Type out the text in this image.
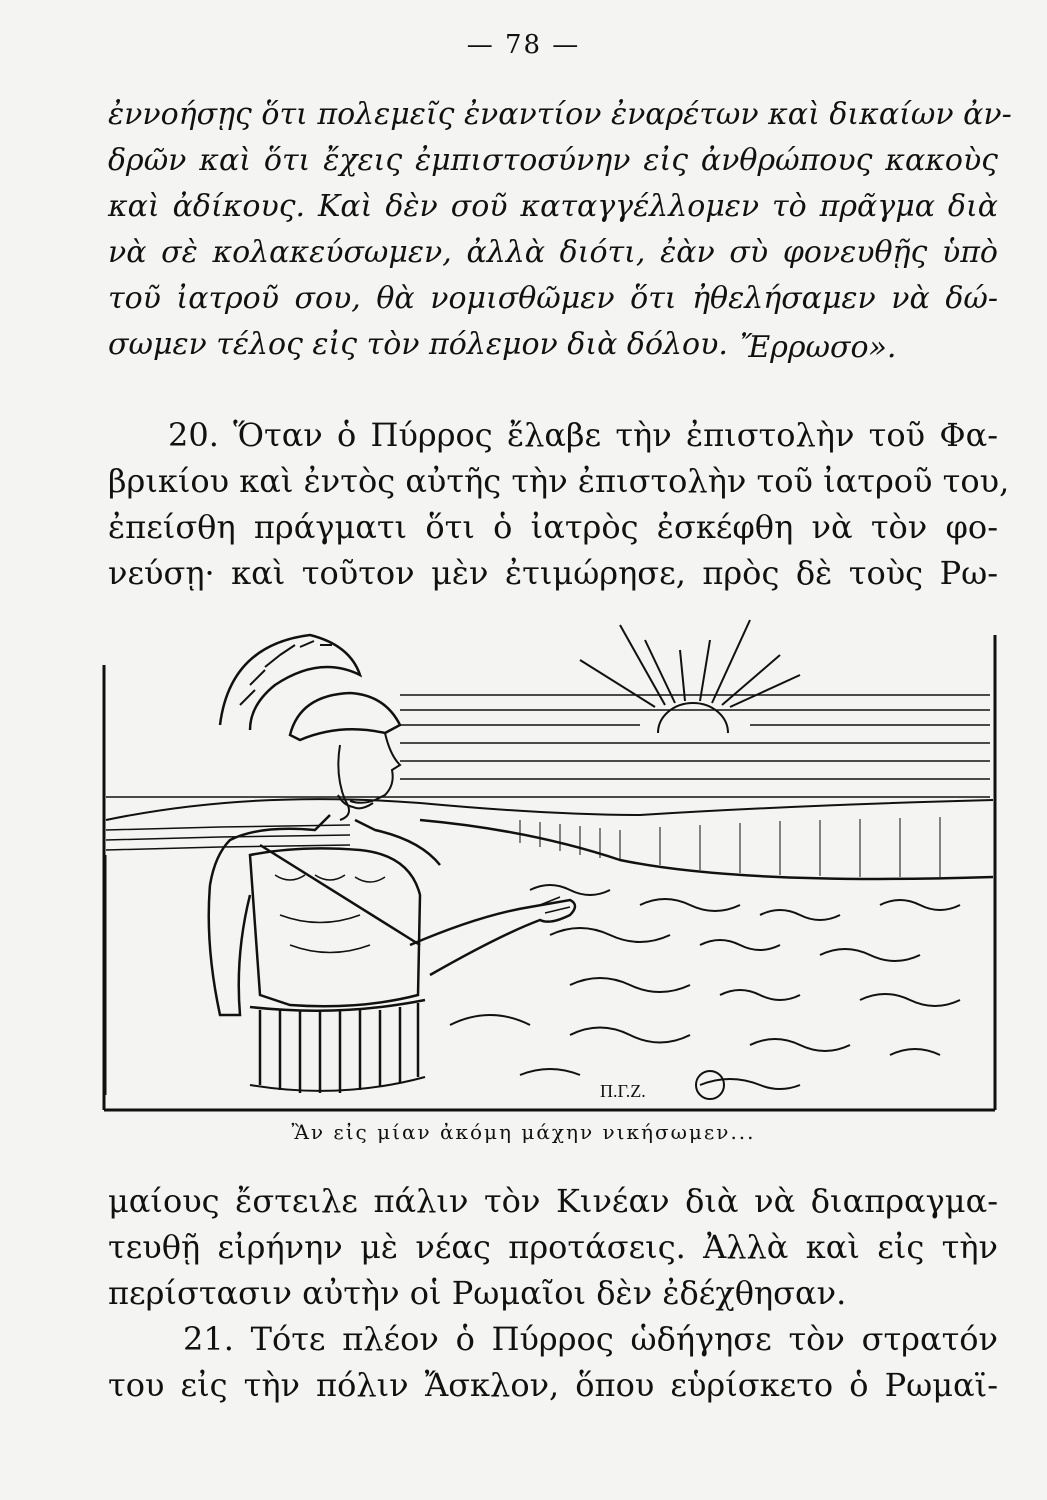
— 78 —
ἐννοήσῃς ὅτι πολεμεῖς ἐναντίον ἐναρέτων καὶ δικαίων ἀν-
δρῶν καὶ ὅτι ἔχεις ἐμπιστοσύνην εἰς ἀνθρώπους κακοὺς
καὶ ἀδίκους. Καὶ δὲν σοῦ καταγγέλλομεν τὸ πρᾶγμα διὰ
νὰ σὲ κολακεύσωμεν, ἀλλὰ διότι, ἐὰν σὺ φονευθῇς ὑπὸ
τοῦ ἰατροῦ σου, θὰ νομισθῶμεν ὅτι ἠθελήσαμεν νὰ δώ-
σωμεν τέλος εἰς τὸν πόλεμον διὰ δόλου. Ἔρρωσο».
20. Ὅταν ὁ Πύρρος ἔλαβε τὴν ἐπιστολὴν τοῦ Φα-
βρικίου καὶ ἐντὸς αὐτῆς τὴν ἐπιστολὴν τοῦ ἰατροῦ του,
ἐπείσθη πράγματι ὅτι ὁ ἰατρὸς ἐσκέφθη νὰ τὸν φο-
νεύσῃ· καὶ τοῦτον μὲν ἐτιμώρησε, πρὸς δὲ τοὺς Ρω-
Π.Γ.Ζ.
Ἂν εἰς μίαν ἀκόμη μάχην νικήσωμεν...
μαίους ἔστειλε πάλιν τὸν Κινέαν διὰ νὰ διαπραγμα-
τευθῇ εἰρήνην μὲ νέας προτάσεις. Ἀλλὰ καὶ εἰς τὴν
περίστασιν αὐτὴν οἱ Ρωμαῖοι δὲν ἐδέχθησαν.
21. Τότε πλέον ὁ Πύρρος ὡδήγησε τὸν στρατόν
του εἰς τὴν πόλιν Ἄσκλον, ὅπου εὑρίσκετο ὁ Ρωμαϊ-
